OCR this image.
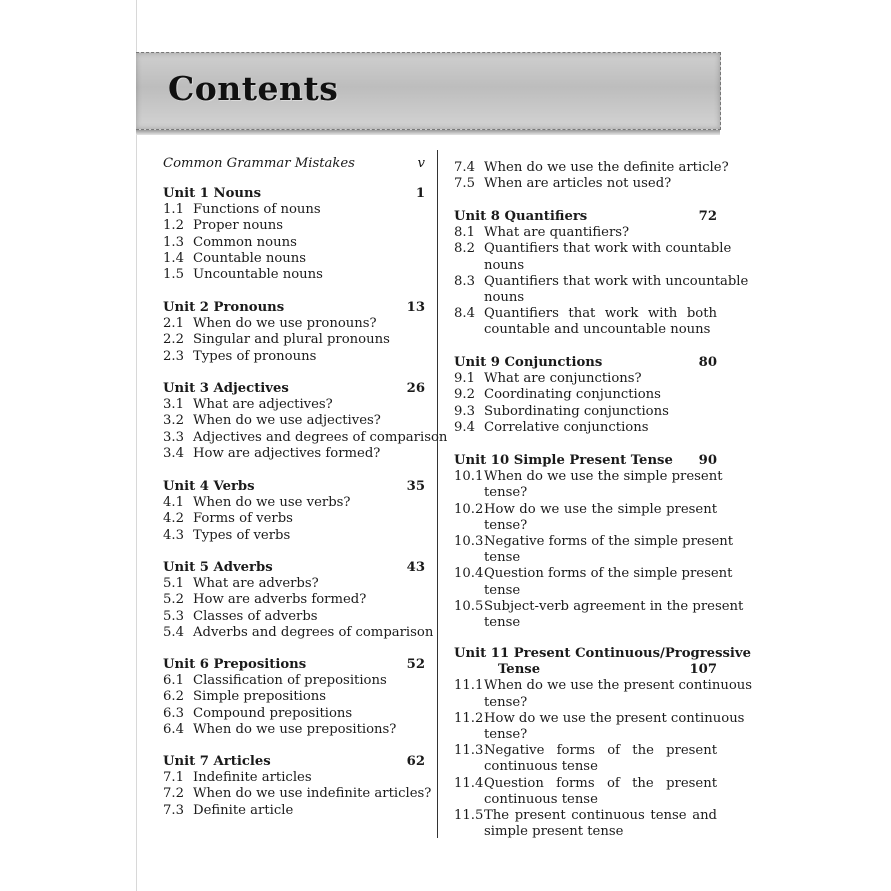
Contents
Common Grammar Mistakes	v
Unit 1 Nouns	1
1.1 Functions of nouns
1.2 Proper nouns
1.3 Common nouns
1.4 Countable nouns
1.5 Uncountable nouns
Unit 2 Pronouns	13
2.1 When do we use pronouns?
2.2 Singular and plural pronouns
2.3 Types of pronouns
Unit 3 Adjectives	26
3.1 What are adjectives?
3.2 When do we use adjectives?
3.3 Adjectives and degrees of comparison
3.4 How are adjectives formed?
Unit 4 Verbs	35
4.1 When do we use verbs?
4.2 Forms of verbs
4.3 Types of verbs
Unit 5 Adverbs	43
5.1 What are adverbs?
5.2 How are adverbs formed?
5.3 Classes of adverbs
5.4 Adverbs and degrees of comparison
Unit 6 Prepositions	52
6.1 Classification of prepositions
6.2 Simple prepositions
6.3 Compound prepositions
6.4 When do we use prepositions?
Unit 7 Articles	62
7.1 Indefinite articles
7.2 When do we use indefinite articles?
7.3 Definite article
7.4 When do we use the definite article?
7.5 When are articles not used?
Unit 8 Quantifiers	72
8.1 What are quantifiers?
8.2 Quantifiers that work with countable
nouns
8.3 Quantifiers that work with uncountable
nouns
8.4 Quantifiers that work with both
countable and uncountable nouns
Unit 9 Conjunctions	80
9.1 What are conjunctions?
9.2 Coordinating conjunctions
9.3 Subordinating conjunctions
9.4 Correlative conjunctions
Unit 10 Simple Present Tense	90
10.1When do we use the simple present
tense?
10.2How do we use the simple present
tense?
10.3Negative forms of the simple present
tense
10.4Question forms of the simple present
tense
10.5Subject-verb agreement in the present
tense
Unit 11 Present Continuous/Progressive
Tense	107
11.1When do we use the present continuous
tense?
11.2How do we use the present continuous
tense?
11.3Negative forms of the present
continuous tense
11.4Question forms of the present
continuous tense
11.5The present continuous tense and
simple present tense
